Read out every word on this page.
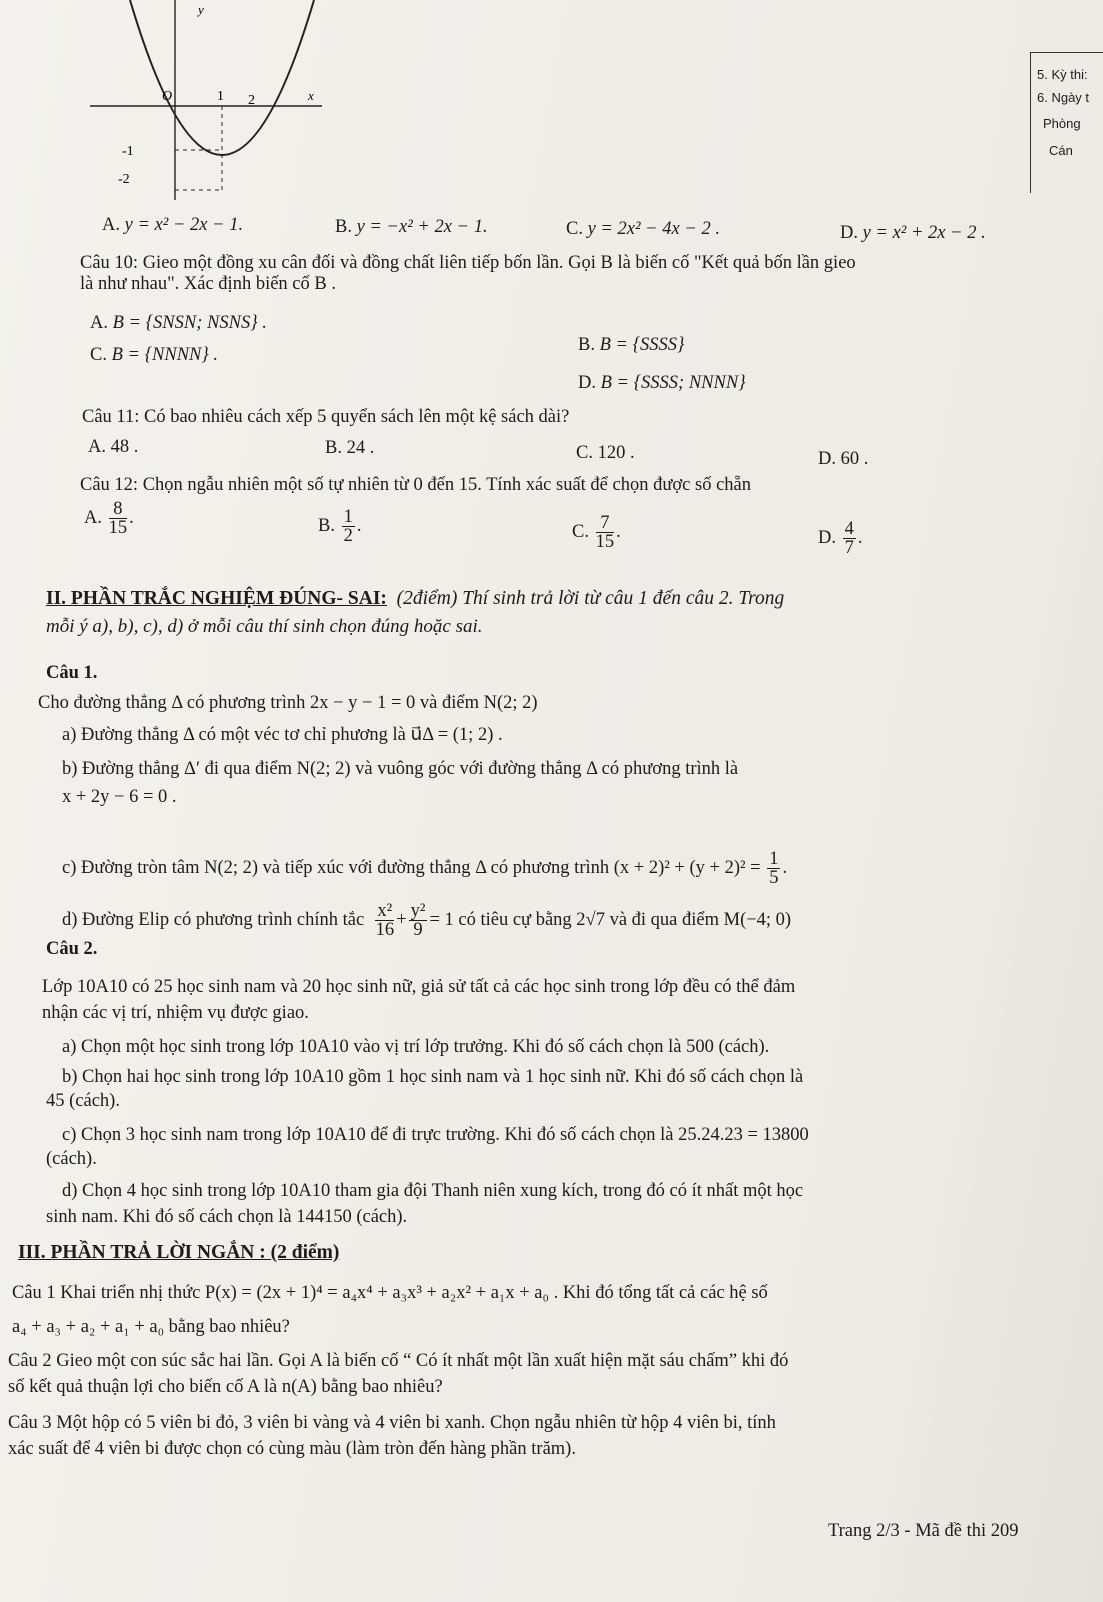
5. Kỳ thi:
6. Ngày t
Phòng
Cán
y
x
O	1 2
-1
-2
A. y = x² − 2x − 1.	B. y = −x² + 2x − 1.	C. y = 2x² − 4x − 2 .	D. y = x² + 2x − 2 .
Câu 10: Gieo một đồng xu cân đối và đồng chất liên tiếp bốn lần. Gọi B là biến cố "Kết quả bốn lần gieo
là như nhau". Xác định biến cố B .
A. B = {SNSN; NSNS} .
B. B = {SSSS}
C. B = {NNNN} .
D. B = {SSSS; NNNN}
Câu 11: Có bao nhiêu cách xếp 5 quyển sách lên một kệ sách dài?
A. 48 .	B. 24 .	C. 120 .	D. 60 .
Câu 12: Chọn ngẫu nhiên một số tự nhiên từ 0 đến 15. Tính xác suất để chọn được số chẵn
A. $\frac{8}{15}$ .	B. $\frac{1}{2}$ .	C. $\frac{7}{15}$ .	D. $\frac{4}{7}$ .
II. PHẦN TRẮC NGHIỆM ĐÚNG- SAI:  (2điểm) Thí sinh trả lời từ câu 1 đến câu 2. Trong
mỗi ý a), b), c), d) ở mỗi câu thí sinh chọn đúng hoặc sai.
Câu 1.
Cho đường thẳng Δ có phương trình 2x − y − 1 = 0 và điểm N(2; 2)
a) Đường thẳng Δ có một véc tơ chỉ phương là u⃗Δ = (1; 2) .
b) Đường thẳng Δ′ đi qua điểm N(2; 2) và vuông góc với đường thẳng Δ có phương trình là
x + 2y − 6 = 0 .
c) Đường tròn tâm N(2; 2) và tiếp xúc với đường thẳng Δ có phương trình $(x + 2)^2 + (y + 2)^2 = \frac{1}{5}$ .
d) Đường Elip có phương trình chính tắc $\frac{\text{x²}}{16} + \frac{\text{y²}}{9} = 1$ có tiêu cự bằng 2√7 và đi qua điểm M(−4; 0)
Câu 2.
Lớp 10A10 có 25 học sinh nam và 20 học sinh nữ, giả sử tất cả các học sinh trong lớp đều có thể đảm
nhận các vị trí, nhiệm vụ được giao.
a) Chọn một học sinh trong lớp 10A10 vào vị trí lớp trưởng. Khi đó số cách chọn là 500 (cách).
b) Chọn hai học sinh trong lớp 10A10 gồm 1 học sinh nam và 1 học sinh nữ. Khi đó số cách chọn là
45 (cách).
c) Chọn 3 học sinh nam trong lớp 10A10 để đi trực trường. Khi đó số cách chọn là 25.24.23 = 13800
(cách).
d) Chọn 4 học sinh trong lớp 10A10 tham gia đội Thanh niên xung kích, trong đó có ít nhất một học
sinh nam. Khi đó số cách chọn là 144150 (cách).
III. PHẦN TRẢ LỜI NGẮN : (2 điểm)
Câu 1 Khai triển nhị thức P(x) = (2x + 1)⁴ = a₄x⁴ + a₃x³ + a₂x² + a₁x + a₀ . Khi đó tổng tất cả các hệ số
a₄ + a₃ + a₂ + a₁ + a₀ bằng bao nhiêu?
Câu 2 Gieo một con súc sắc hai lần. Gọi A là biến cố “ Có ít nhất một lần xuất hiện mặt sáu chấm” khi đó
số kết quả thuận lợi cho biến cố A là n(A) bằng bao nhiêu?
Câu 3 Một hộp có 5 viên bi đỏ, 3 viên bi vàng và 4 viên bi xanh. Chọn ngẫu nhiên từ hộp 4 viên bi, tính
xác suất để 4 viên bi được chọn có cùng màu (làm tròn đến hàng phần trăm).
Trang 2/3 - Mã đề thi 209
